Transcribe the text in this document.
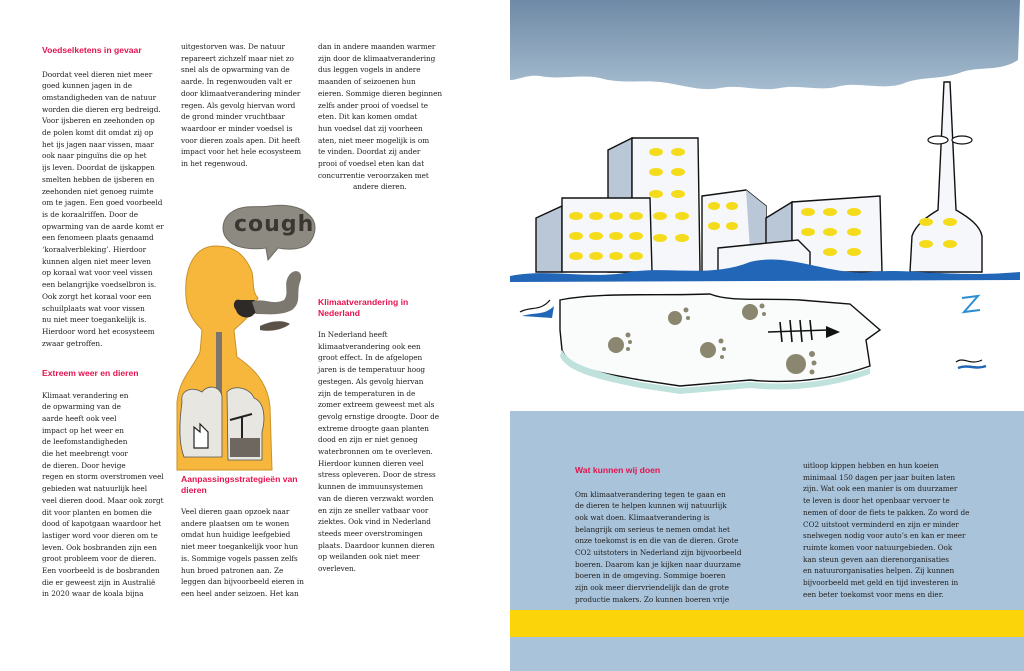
Voedselketens in gevaar

Doordat veel dieren niet meer
goed kunnen jagen in de
omstandigheden van de natuur
worden die dieren erg bedreigd.
Voor ijsberen en zeehonden op
de polen komt dit omdat zij op
het ijs jagen naar vissen, maar
ook naar pinguïns die op het
ijs leven. Doordat de ijskappen
smelten hebben de ijsberen en
zeehonden niet genoeg ruimte
om te jagen. Een goed voorbeeld
is de koraalriffen. Door de
opwarming van de aarde komt er
een fenomeen plaats genaamd
‘koraalverbleking’. Hierdoor
kunnen algen niet meer leven
op koraal wat voor veel vissen
een belangrijke voedselbron is.
Ook zorgt het koraal voor een
schuilplaats wat voor vissen
nu niet meer toegankelijk is.
Hierdoor word het ecosysteem
zwaar getroffen.

Extreem weer en dieren

Klimaat verandering en
de opwarming van de
aarde heeft ook veel
impact op het weer en
de leefomstandigheden
die het meebrengt voor
de dieren. Door hevige

regen en storm overstromen veel
gebieden wat natuurlijk heel
veel dieren dood. Maar ook zorgt
dit voor planten en bomen die
dood of kapotgaan waardoor het
lastiger word voor dieren om te
leven. Ook bosbranden zijn een
groot probleem voor de dieren.
Een voorbeeld is de bosbranden
die er geweest zijn in Australië
in 2020 waar de koala bijna

uitgestorven was. De natuur
repareert zichzelf maar niet zo
snel als de opwarming van de
aarde. In regenwouden valt er
door klimaatverandering minder
regen. Als gevolg hiervan word
de grond minder vruchtbaar
waardoor er minder voedsel is
voor dieren zoals apen. Dit heeft
impact voor het hele ecosysteem
in het regenwoud.

cough
Aanpassingsstrategieën van
dieren

Veel dieren gaan opzoek naar
andere plaatsen om te wonen
omdat hun huidige leefgebied
niet meer toegankelijk voor hun
is. Sommige vogels passen zelfs
hun broed patronen aan. Ze
leggen dan bijvoorbeeld eieren in
een heel ander seizoen. Het kan

dan in andere maanden warmer
zijn door de klimaatverandering
dus leggen vogels in andere
maanden of seizoenen hun
eieren. Sommige dieren beginnen
zelfs ander prooi of voedsel te
eten. Dit kan komen omdat
hun voedsel dat zij voorheen
aten, niet meer mogelijk is om
te vinden. Doordat zij ander
prooi of voedsel eten kan dat
concurrentie veroorzaken met

andere dieren.

Klimaatverandering in
Nederland

In Nederland heeft
klimaatverandering ook een
groot effect. In de afgelopen
jaren is de temperatuur hoog
gestegen. Als gevolg hiervan
zijn de temperaturen in de
zomer extreem geweest met als
gevolg ernstige droogte. Door de
extreme droogte gaan planten
dood en zijn er niet genoeg
waterbronnen om te overleven.
Hierdoor kunnen dieren veel
stress opleveren. Door de stress
kunnen de immuunsystemen
van de dieren verzwakt worden
en zijn ze sneller vatbaar voor
ziektes. Ook vind in Nederland
steeds meer overstromingen
plaats. Daardoor kunnen dieren
op weilanden ook niet meer
overleven.

Wat kunnen wij doen

Om klimaatverandering tegen te gaan en
de dieren te helpen kunnen wij natuurlijk
ook wat doen. Klimaatverandering is
belangrijk om serieus te nemen omdat het
onze toekomst is en die van de dieren. Grote
CO2 uitstoters in Nederland zijn bijvoorbeeld
boeren. Daarom kan je kijken naar duurzame
boeren in de omgeving. Sommige boeren
zijn ook meer diervriendelijk dan de grote
productie makers. Zo kunnen boeren vrije

uitloop kippen hebben en hun koeien
minimaal 150 dagen per jaar buiten laten
zijn. Wat ook een manier is om duurzamer
te leven is door het openbaar vervoer te
nemen of door de fiets te pakken. Zo word de
CO2 uitstoot verminderd en zijn er minder
snelwegen nodig voor auto’s en kan er meer
ruimte komen voor natuurgebieden. Ook
kan steun geven aan dierenorganisaties
en natuurorganisaties helpen. Zij kunnen
bijvoorbeeld met geld en tijd investeren in
een beter toekomst voor mens en dier.
